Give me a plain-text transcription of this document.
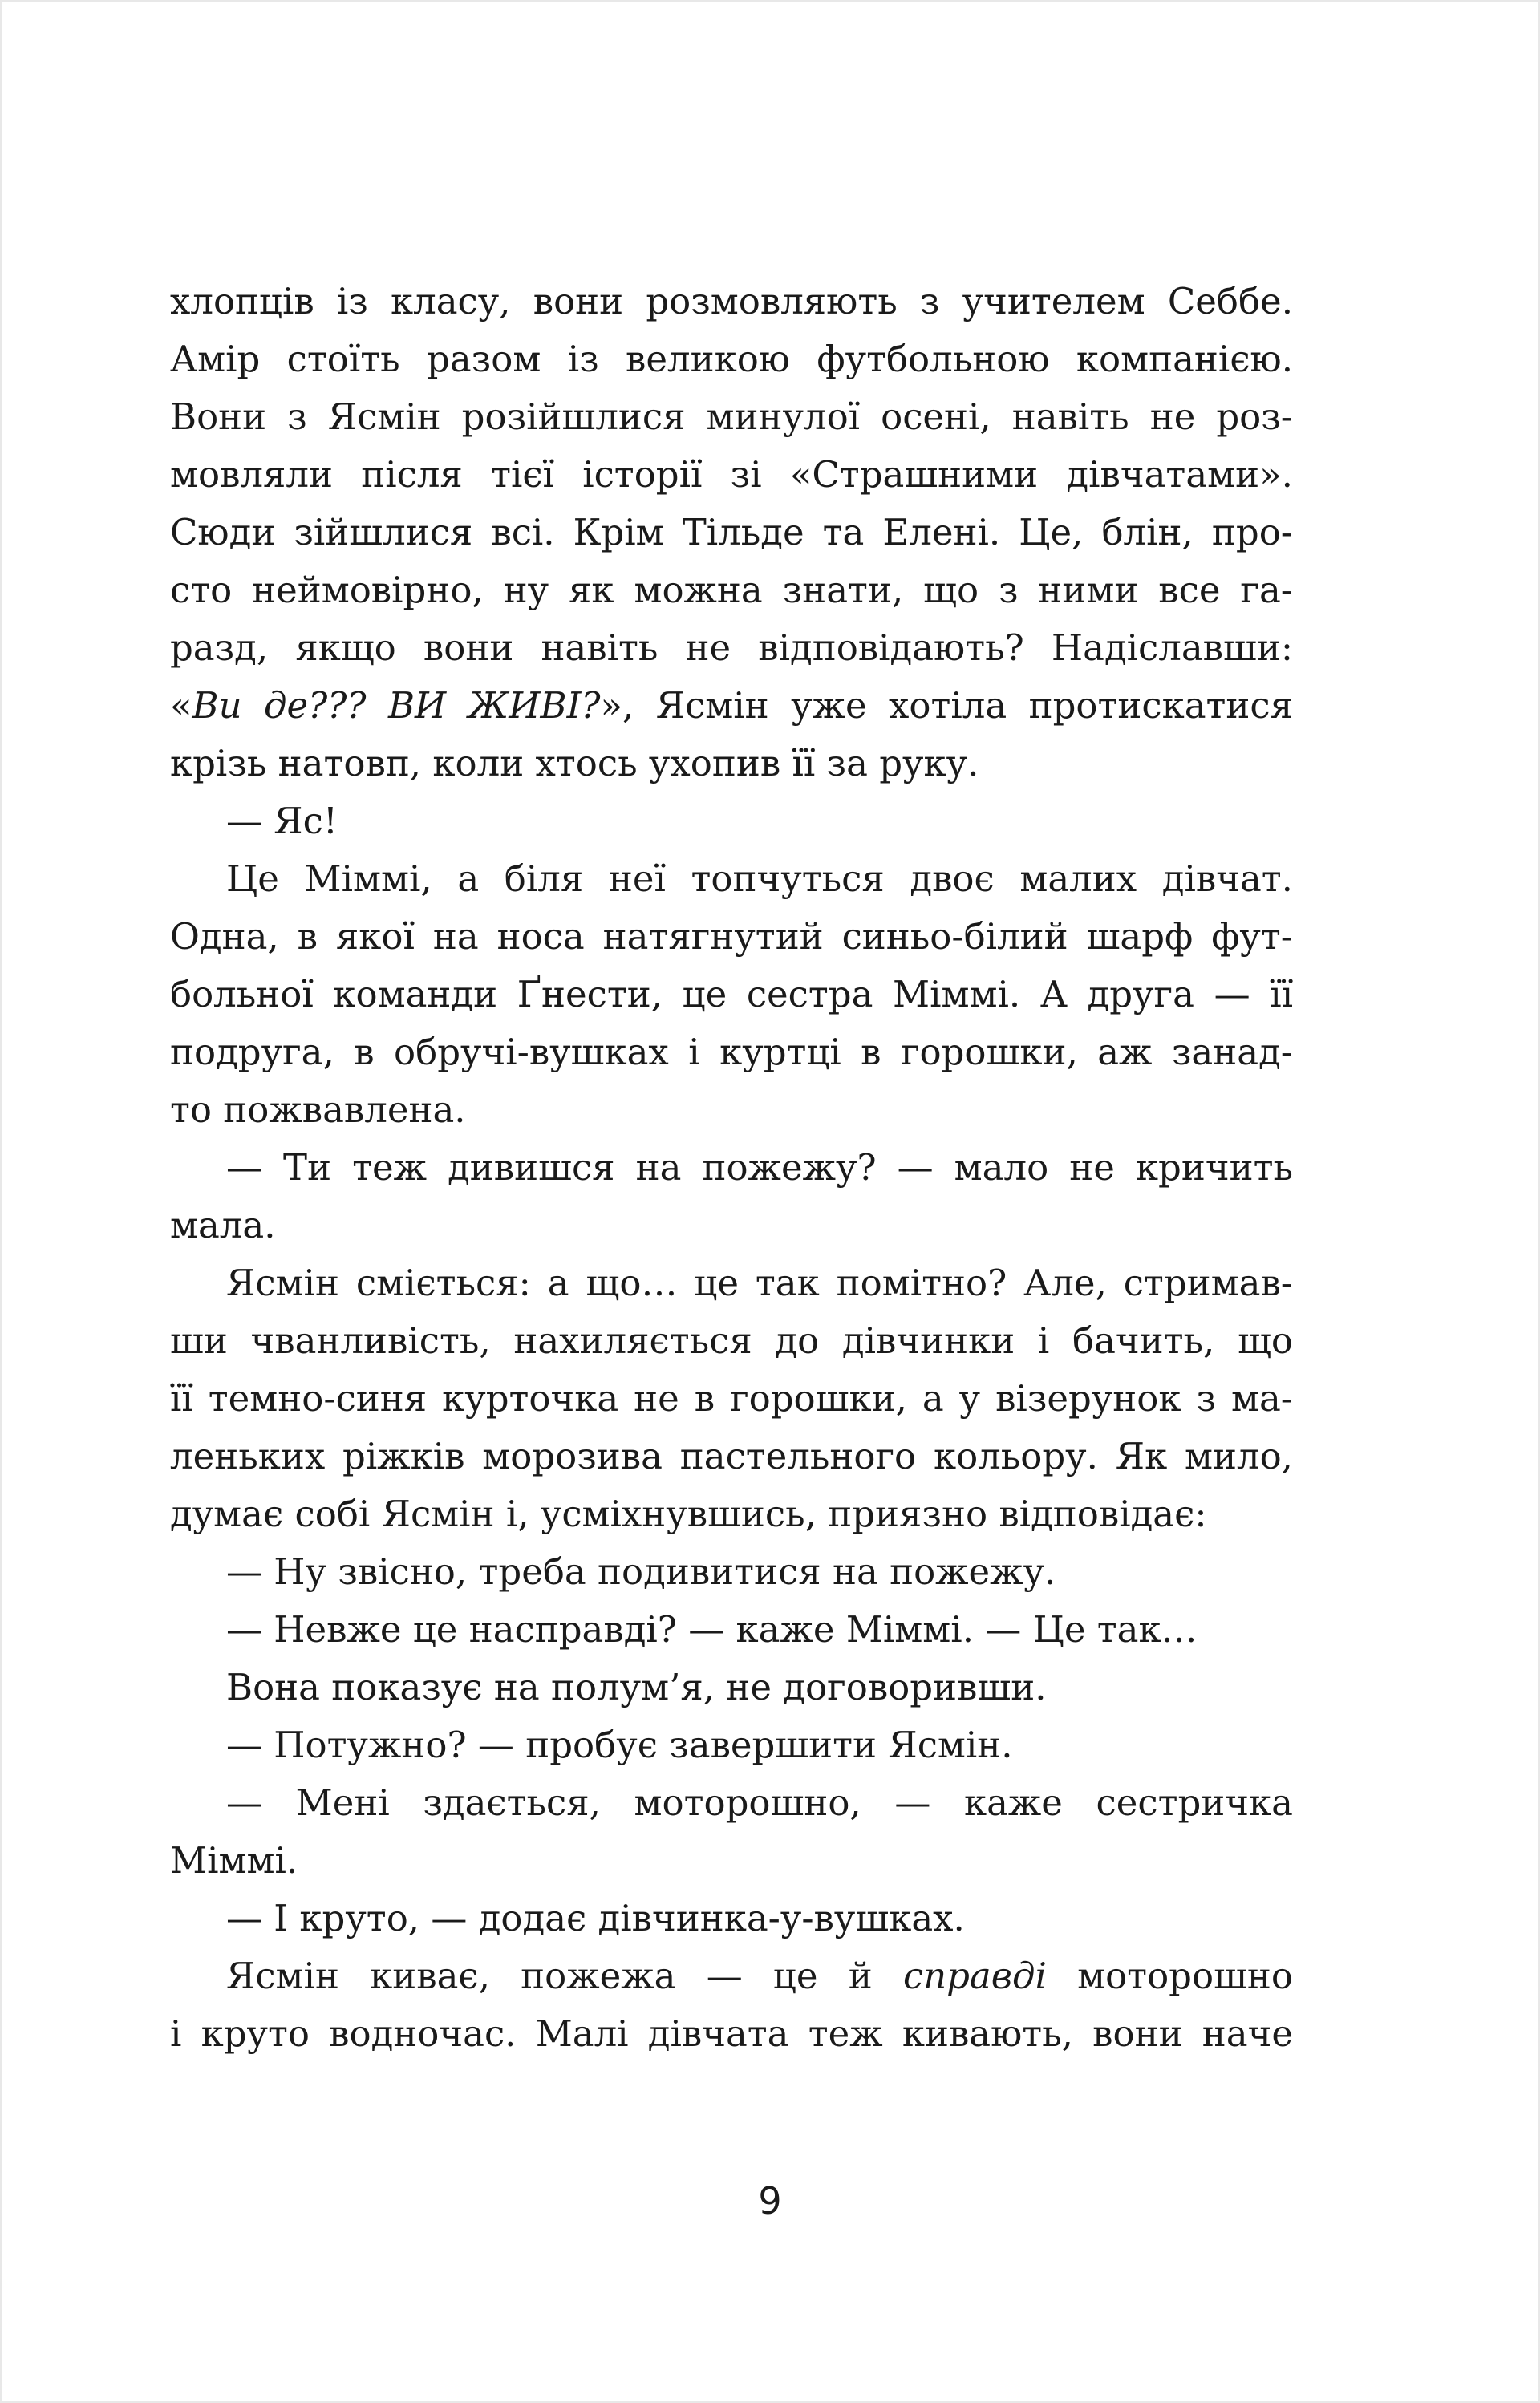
хлопців із класу, вони розмовляють з учителем Себбе.
Амір стоїть разом із великою футбольною компанією.
Вони з Ясмін розійшлися минулої осені, навіть не роз-
мовляли після тієї історії зі «Страшними дівчатами».
Сюди зійшлися всі. Крім Тільде та Елені. Це, блін, про-
сто неймовірно, ну як можна знати, що з ними все га-
разд, якщо вони навіть не відповідають? Надіславши:
«Ви де??? ВИ ЖИВІ?», Ясмін уже хотіла протискатися
крізь натовп, коли хтось ухопив її за руку.
— Яс!
Це Міммі, а біля неї топчуться двоє малих дівчат.
Одна, в якої на носа натягнутий синьо-білий шарф фут-
больної команди Ґнести, це сестра Міммі. А друга — її
подруга, в обручі-вушках і куртці в горошки, аж занад-
то пожвавлена.
— Ти теж дивишся на пожежу? — мало не кричить
мала.
Ясмін сміється: а що… це так помітно? Але, стримав-
ши чванливість, нахиляється до дівчинки і бачить, що
її темно-синя курточка не в горошки, а у візерунок з ма-
леньких ріжків морозива пастельного кольору. Як мило,
думає собі Ясмін і, усміхнувшись, приязно відповідає:
— Ну звісно, треба подивитися на пожежу.
— Невже це насправді? — каже Міммі. — Це так…
Вона показує на полум’я, не договоривши.
— Потужно? — пробує завершити Ясмін.
— Мені здається, моторошно, — каже сестричка
Міммі.
— І круто, — додає дівчинка-у-вушках.
Ясмін киває, пожежа — це й справді моторошно
і круто водночас. Малі дівчата теж кивають, вони наче
9
